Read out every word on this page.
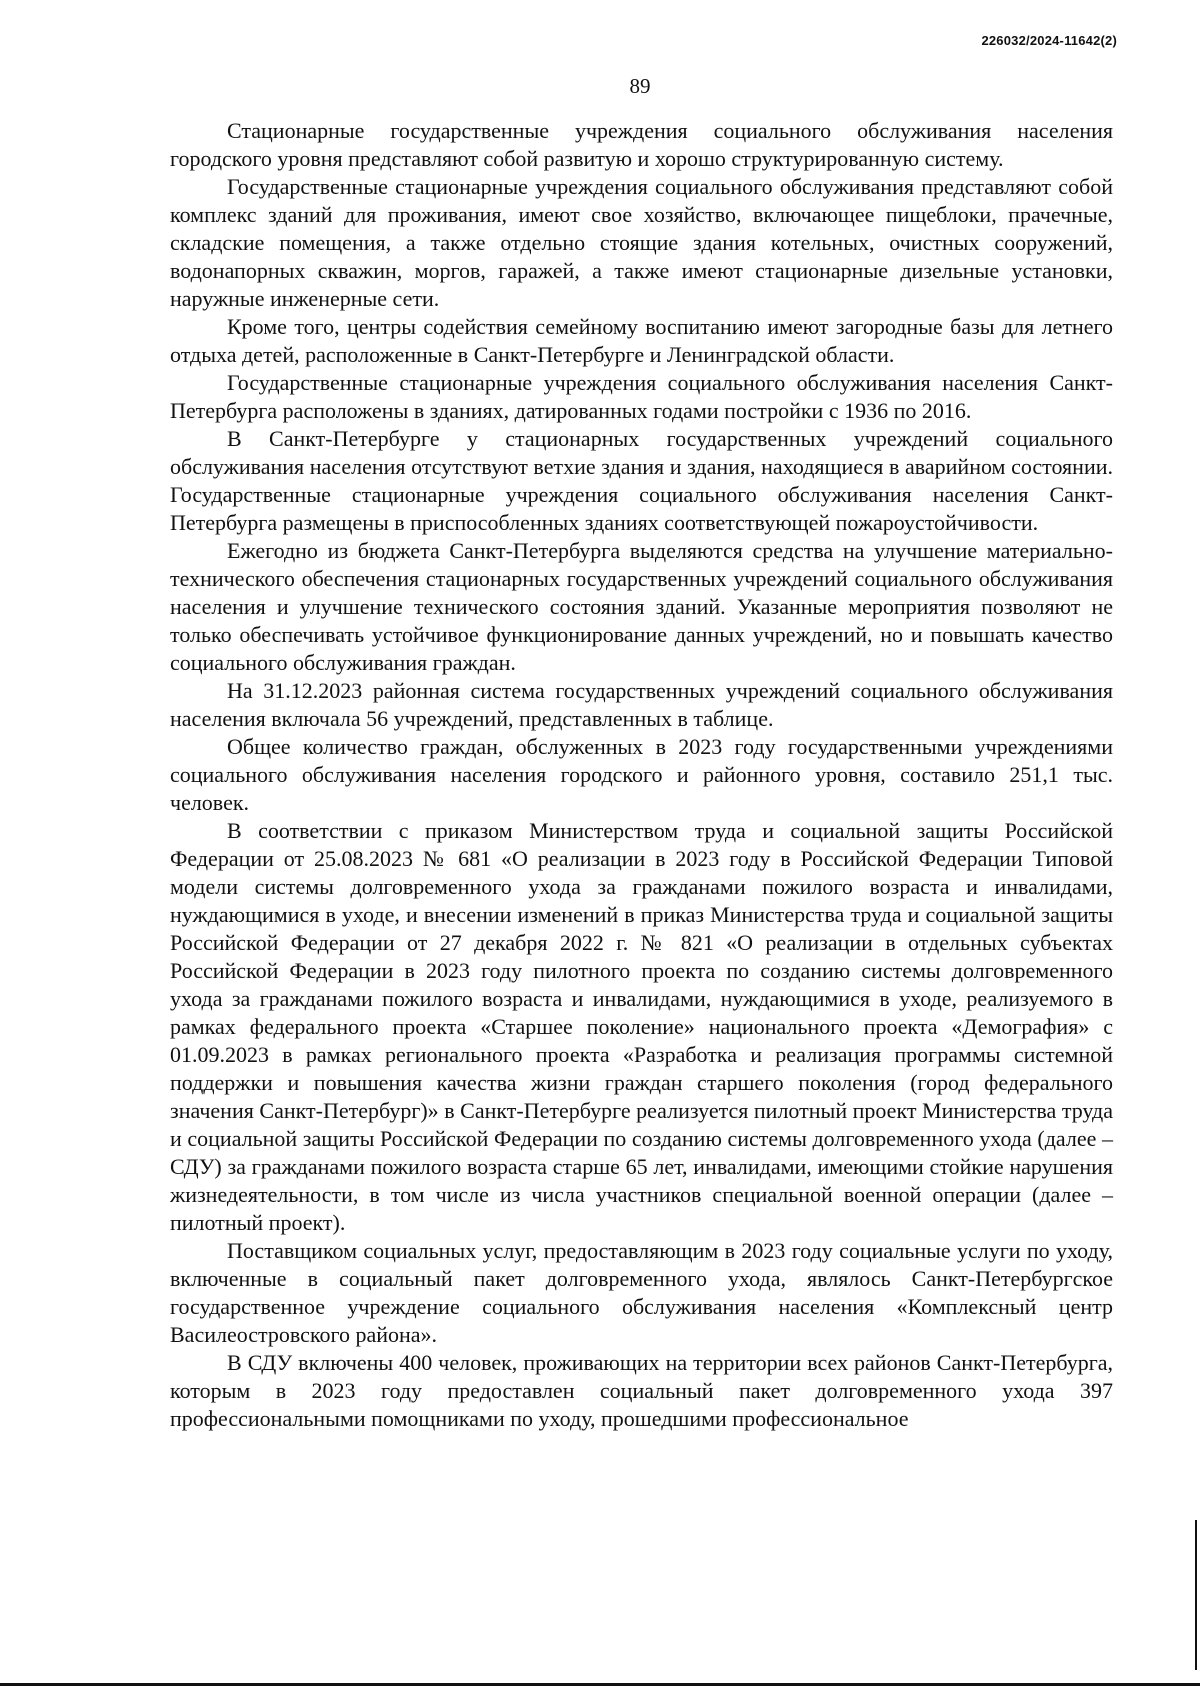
226032/2024-11642(2)
89

Стационарные государственные учреждения социального обслуживания населения городского уровня представляют собой развитую и хорошо структурированную систему.

Государственные стационарные учреждения социального обслуживания представляют собой комплекс зданий для проживания, имеют свое хозяйство, включающее пищеблоки, прачечные, складские помещения, а также отдельно стоящие здания котельных, очистных сооружений, водонапорных скважин, моргов, гаражей, а также имеют стационарные дизельные установки, наружные инженерные сети.

Кроме того, центры содействия семейному воспитанию имеют загородные базы для летнего отдыха детей, расположенные в Санкт-Петербурге и Ленинградской области.

Государственные стационарные учреждения социального обслуживания населения Санкт-Петербурга расположены в зданиях, датированных годами постройки с 1936 по 2016.

В Санкт-Петербурге у стационарных государственных учреждений социального обслуживания населения отсутствуют ветхие здания и здания, находящиеся в аварийном состоянии. Государственные стационарные учреждения социального обслуживания населения Санкт-Петербурга размещены в приспособленных зданиях соответствующей пожароустойчивости.

Ежегодно из бюджета Санкт-Петербурга выделяются средства на улучшение материально-технического обеспечения стационарных государственных учреждений социального обслуживания населения и улучшение технического состояния зданий. Указанные мероприятия позволяют не только обеспечивать устойчивое функционирование данных учреждений, но и повышать качество социального обслуживания граждан.

На 31.12.2023 районная система государственных учреждений социального обслуживания населения включала 56 учреждений, представленных в таблице.

Общее количество граждан, обслуженных в 2023 году государственными учреждениями социального обслуживания населения городского и районного уровня, составило 251,1 тыс. человек.

В соответствии с приказом Министерством труда и социальной защиты Российской Федерации от 25.08.2023 № 681 «О реализации в 2023 году в Российской Федерации Типовой модели системы долговременного ухода за гражданами пожилого возраста и инвалидами, нуждающимися в уходе, и внесении изменений в приказ Министерства труда и социальной защиты Российской Федерации от 27 декабря 2022 г. № 821 «О реализации в отдельных субъектах Российской Федерации в 2023 году пилотного проекта по созданию системы долговременного ухода за гражданами пожилого возраста и инвалидами, нуждающимися в уходе, реализуемого в рамках федерального проекта «Старшее поколение» национального проекта «Демография» с 01.09.2023 в рамках регионального проекта «Разработка и реализация программы системной поддержки и повышения качества жизни граждан старшего поколения (город федерального значения Санкт-Петербург)» в Санкт-Петербурге реализуется пилотный проект Министерства труда и социальной защиты Российской Федерации по созданию системы долговременного ухода (далее – СДУ) за гражданами пожилого возраста старше 65 лет, инвалидами, имеющими стойкие нарушения жизнедеятельности, в том числе из числа участников специальной военной операции (далее – пилотный проект).

Поставщиком социальных услуг, предоставляющим в 2023 году социальные услуги по уходу, включенные в социальный пакет долговременного ухода, являлось Санкт-Петербургское государственное учреждение социального обслуживания населения «Комплексный центр Василеостровского района».

В СДУ включены 400 человек, проживающих на территории всех районов Санкт-Петербурга, которым в 2023 году предоставлен социальный пакет долговременного ухода 397 профессиональными помощниками по уходу, прошедшими профессиональное
